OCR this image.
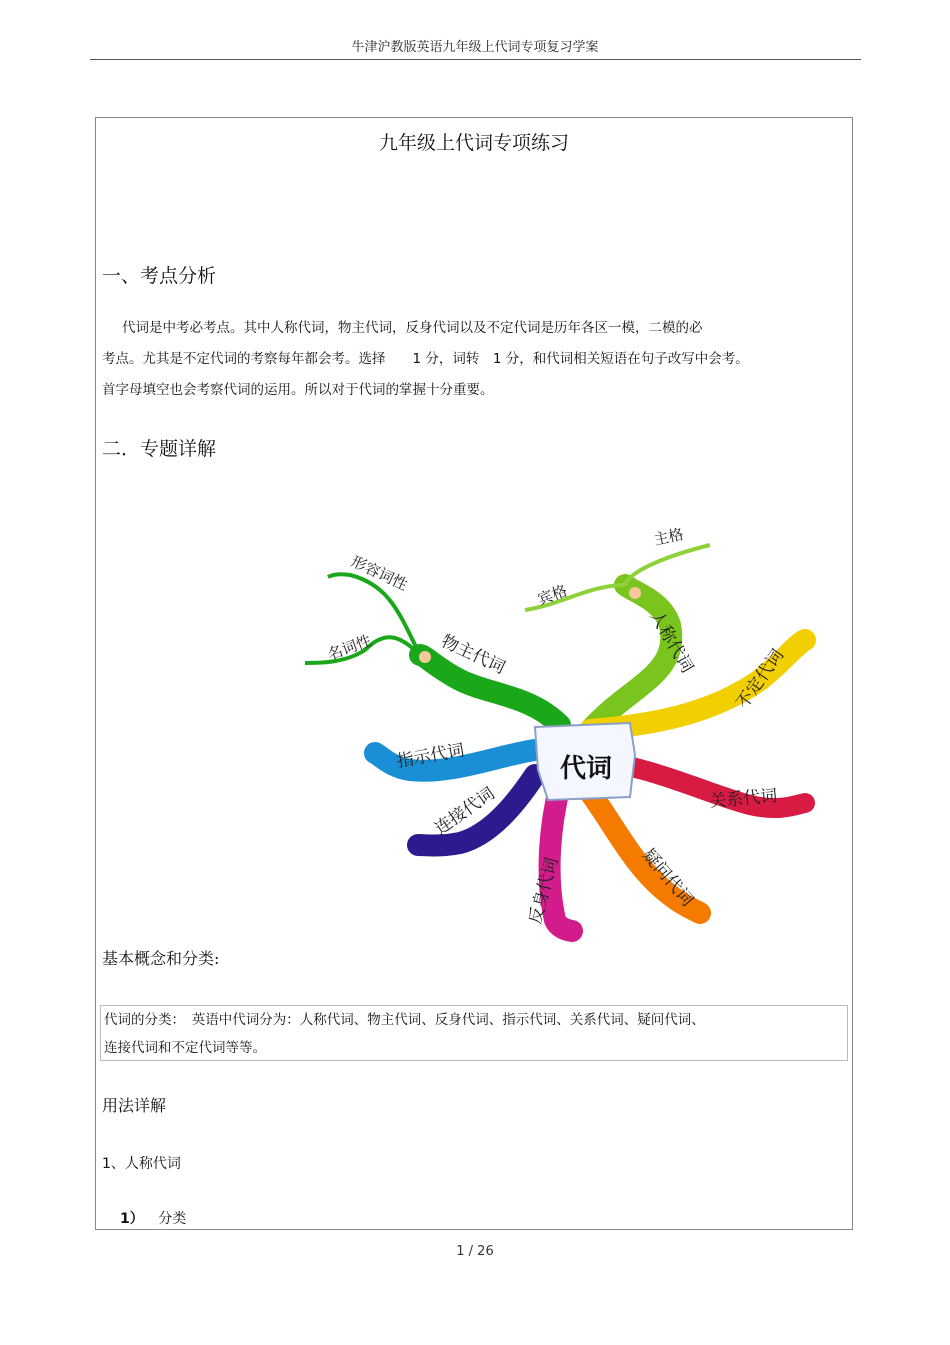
牛津沪教版英语九年级上代词专项复习学案
九年级上代词专项练习
一、考点分析
代词是中考必考点。其中人称代词，物主代词，反身代词以及不定代词是历年各区一模，二模的必
考点。尤其是不定代词的考察每年都会考。选择　　1 分，词转　1 分，和代词相关短语在句子改写中会考。
首字母填空也会考察代词的运用。所以对于代词的掌握十分重要。
二．专题详解
代词
人称代词
主格
宾格
不定代词
关系代词
疑问代词
反身代词
连接代词
指示代词
物主代词
形容词性
名词性
基本概念和分类:
代词的分类：　英语中代词分为：人称代词、物主代词、反身代词、指示代词、关系代词、疑问代词、
连接代词和不定代词等等。
用法详解
1、人称代词
1） 分类
1 / 26
